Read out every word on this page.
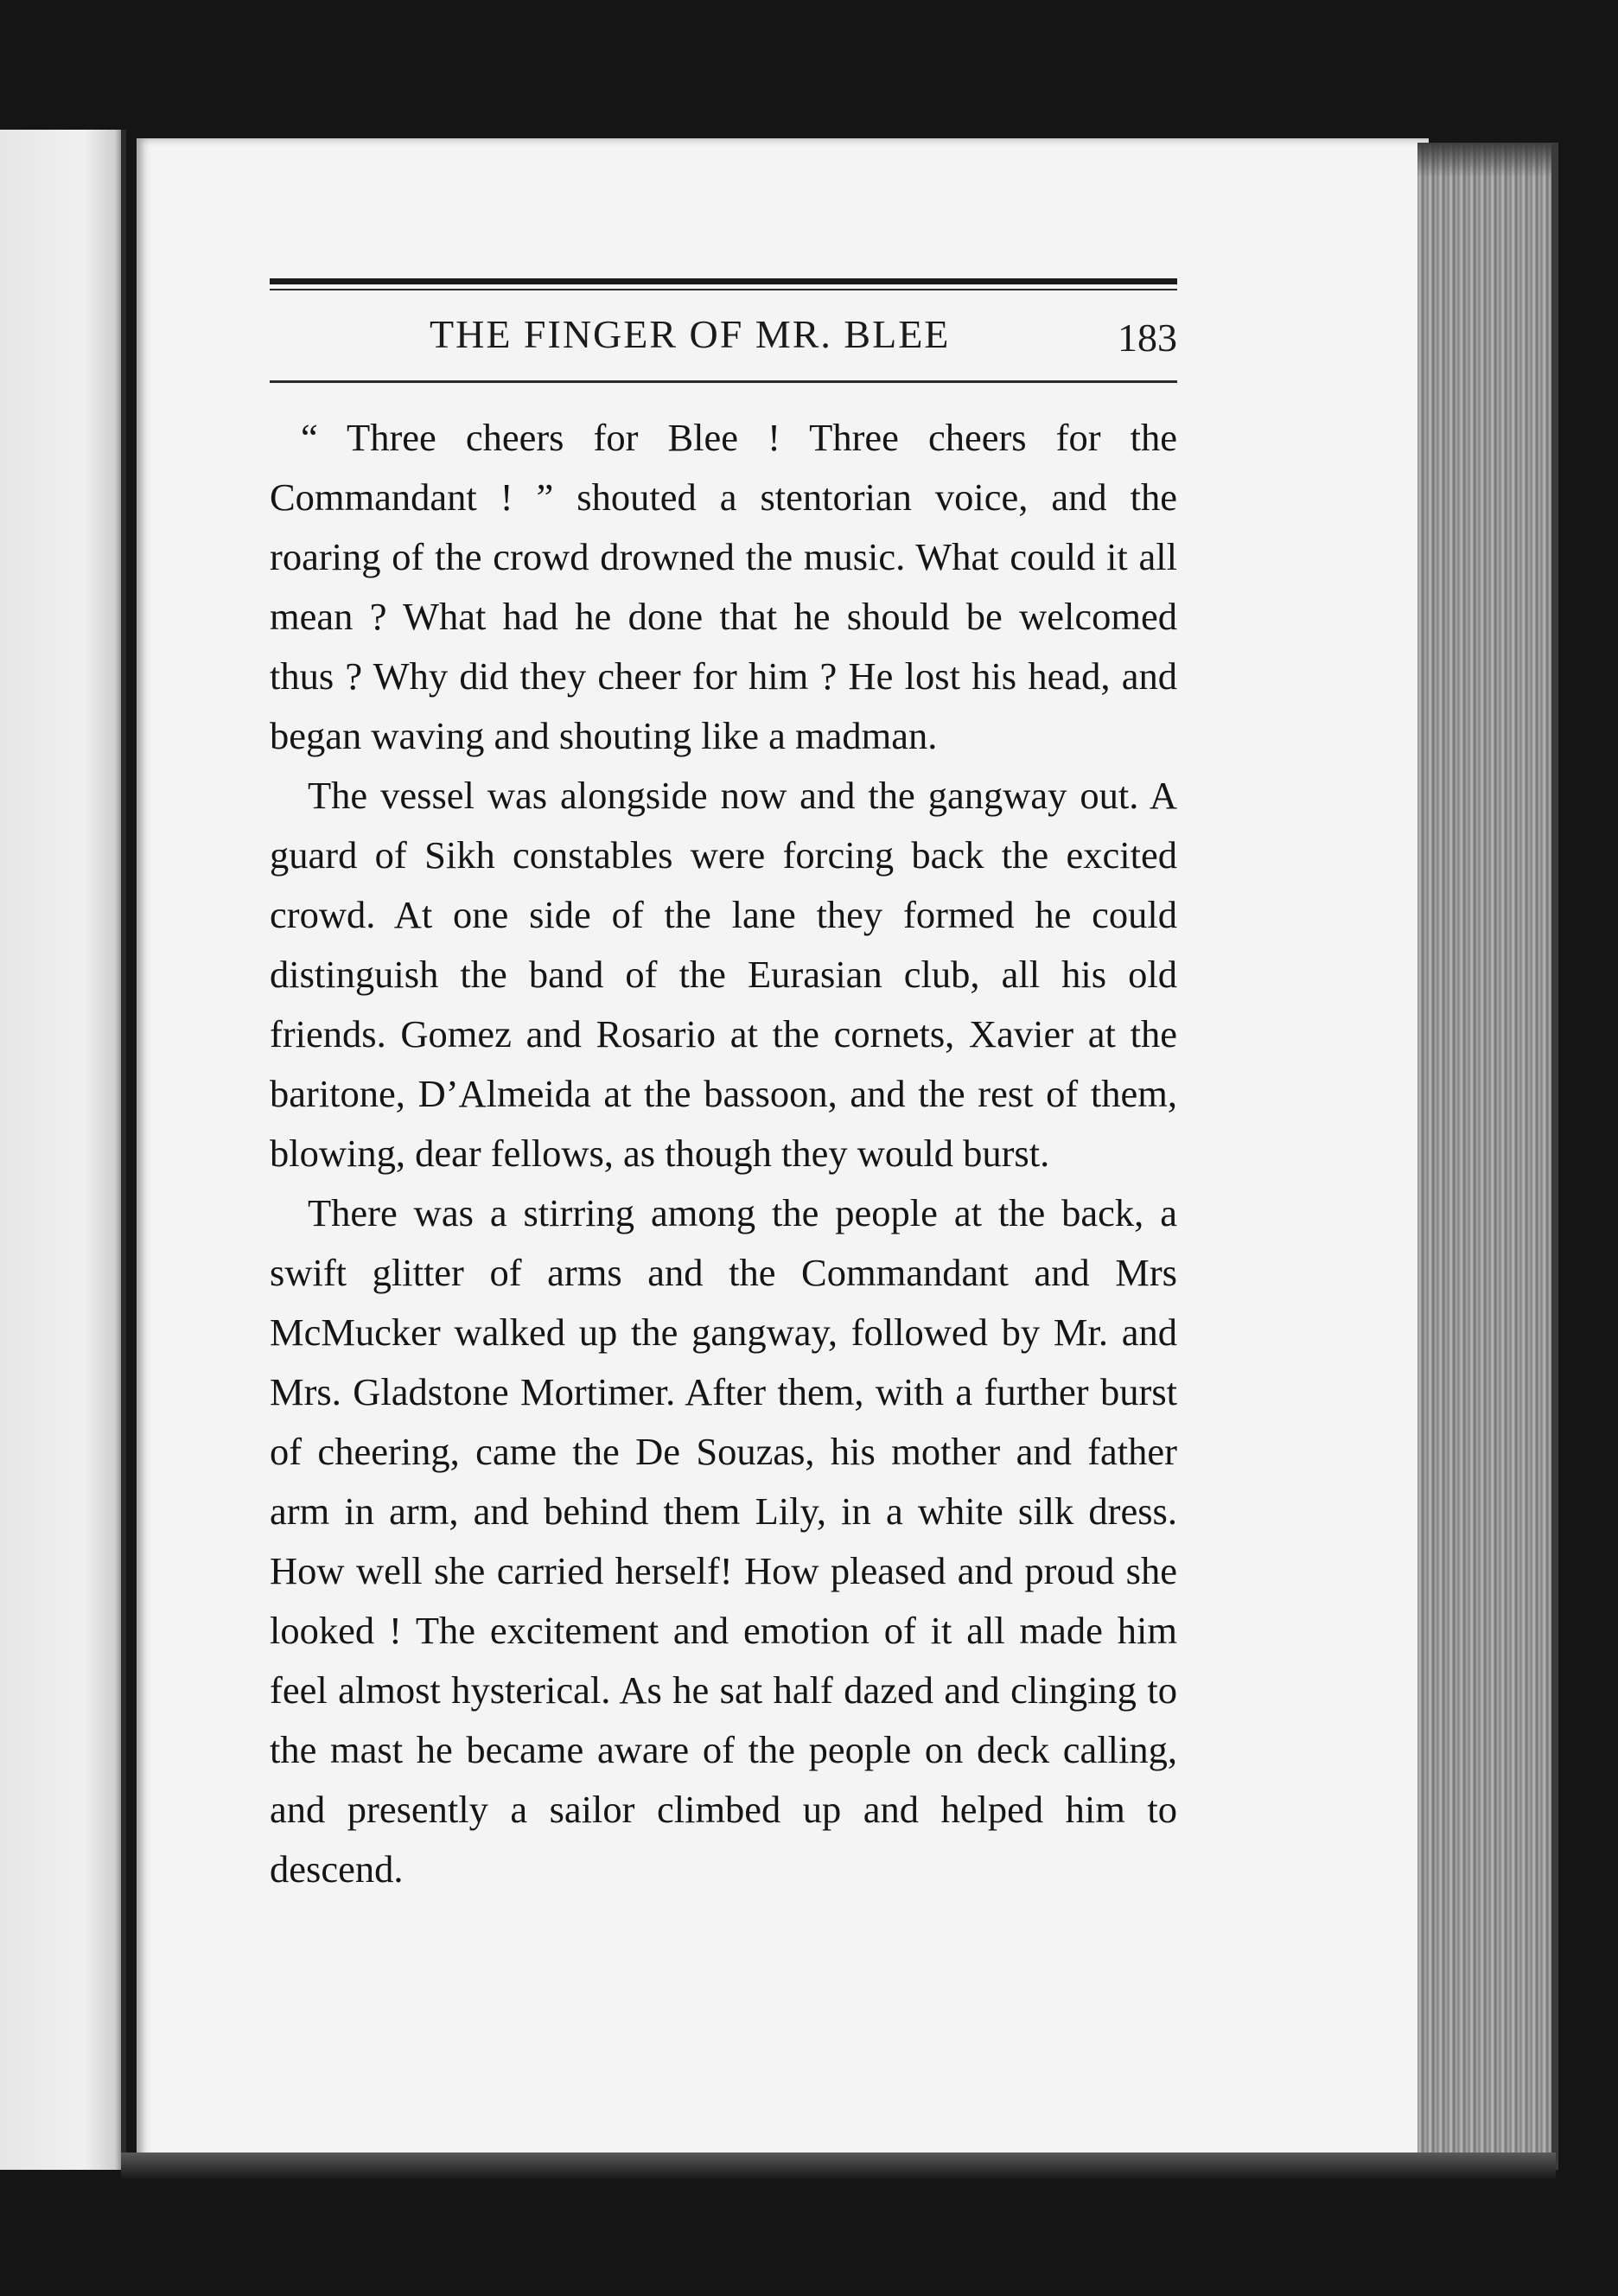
THE FINGER OF MR. BLEE	183

“ Three cheers for Blee ! Three cheers for the Commandant ! ” shouted a stentorian voice, and the roaring of the crowd drowned the music. What could it all mean ? What had he done that he should be welcomed thus ? Why did they cheer for him ? He lost his head, and began waving and shouting like a madman.

The vessel was alongside now and the gangway out. A guard of Sikh constables were forcing back the excited crowd. At one side of the lane they formed he could distinguish the band of the Eurasian club, all his old friends. Gomez and Rosario at the cornets, Xavier at the baritone, D’Almeida at the bassoon, and the rest of them, blowing, dear fellows, as though they would burst.

There was a stirring among the people at the back, a swift glitter of arms and the Commandant and Mrs McMucker walked up the gangway, followed by Mr. and Mrs. Gladstone Mortimer. After them, with a further burst of cheering, came the De Souzas, his mother and father arm in arm, and behind them Lily, in a white silk dress. How well she carried herself! How pleased and proud she looked ! The excitement and emotion of it all made him feel almost hysterical. As he sat half dazed and clinging to the mast he became aware of the people on deck calling, and presently a sailor climbed up and helped him to descend.
